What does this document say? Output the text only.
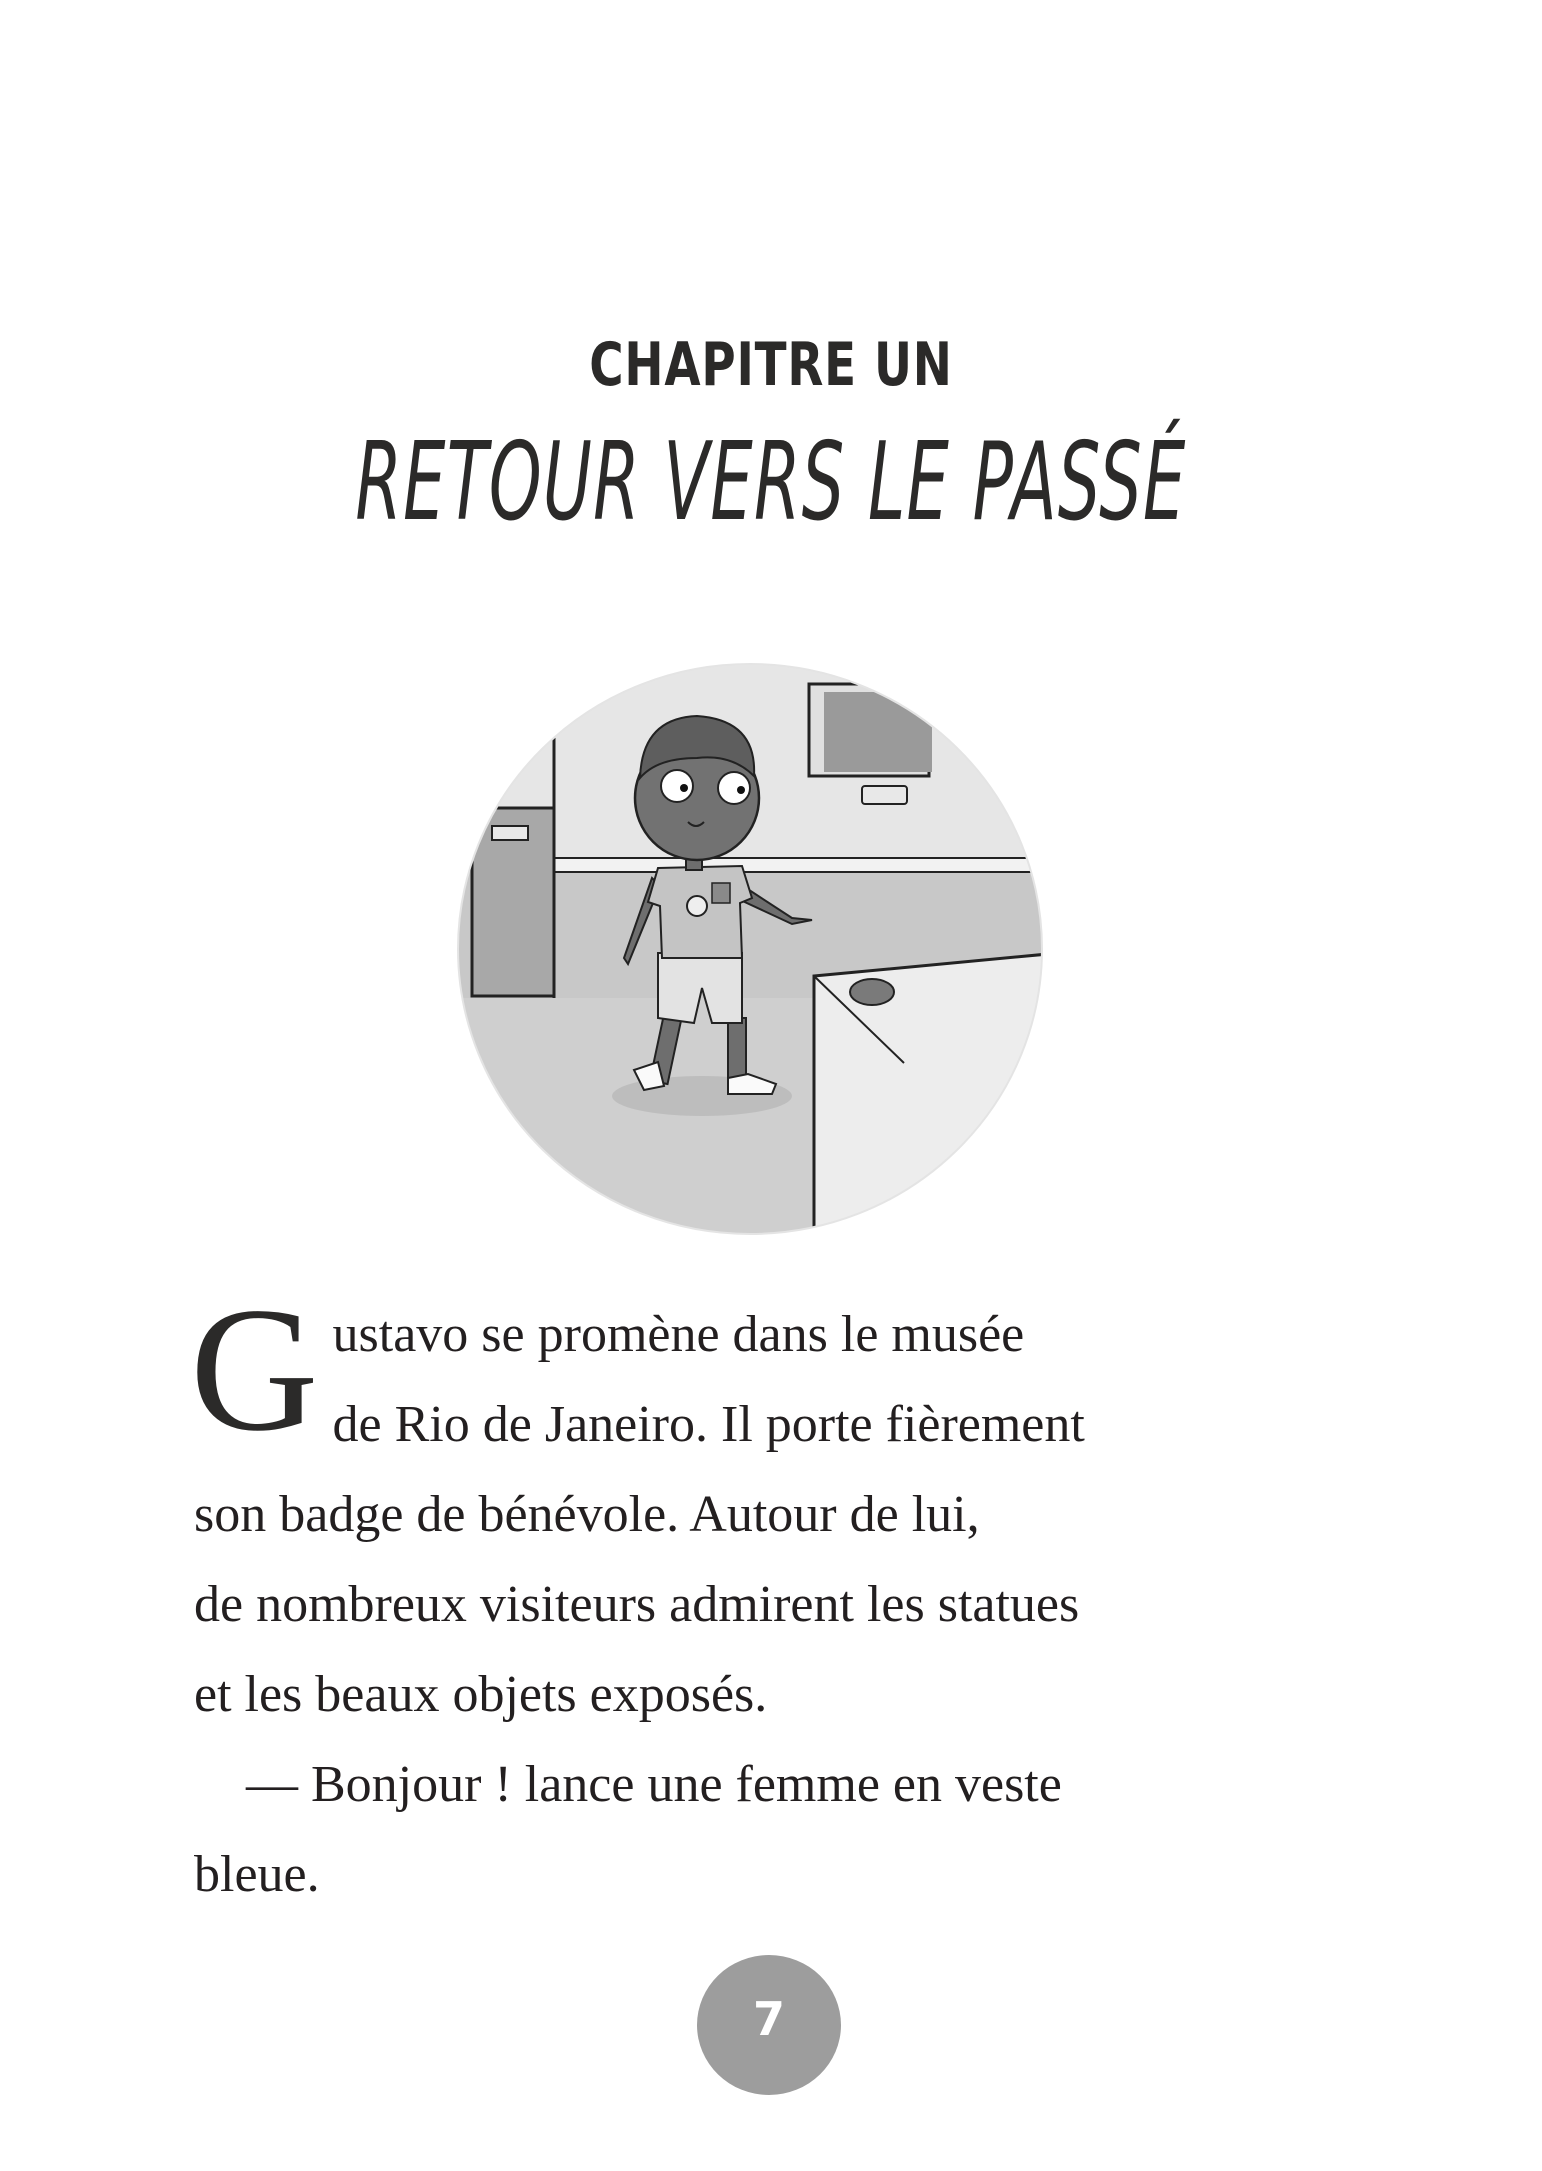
CHAPITRE UN
RETOUR VERS LE PASSÉ
G ustavo se promène dans le musée
de Rio de Janeiro. Il porte fièrement
son badge de bénévole. Autour de lui,
de nombreux visiteurs admirent les statues
et les beaux objets exposés.
— Bonjour ! lance une femme en veste
bleue.
7
